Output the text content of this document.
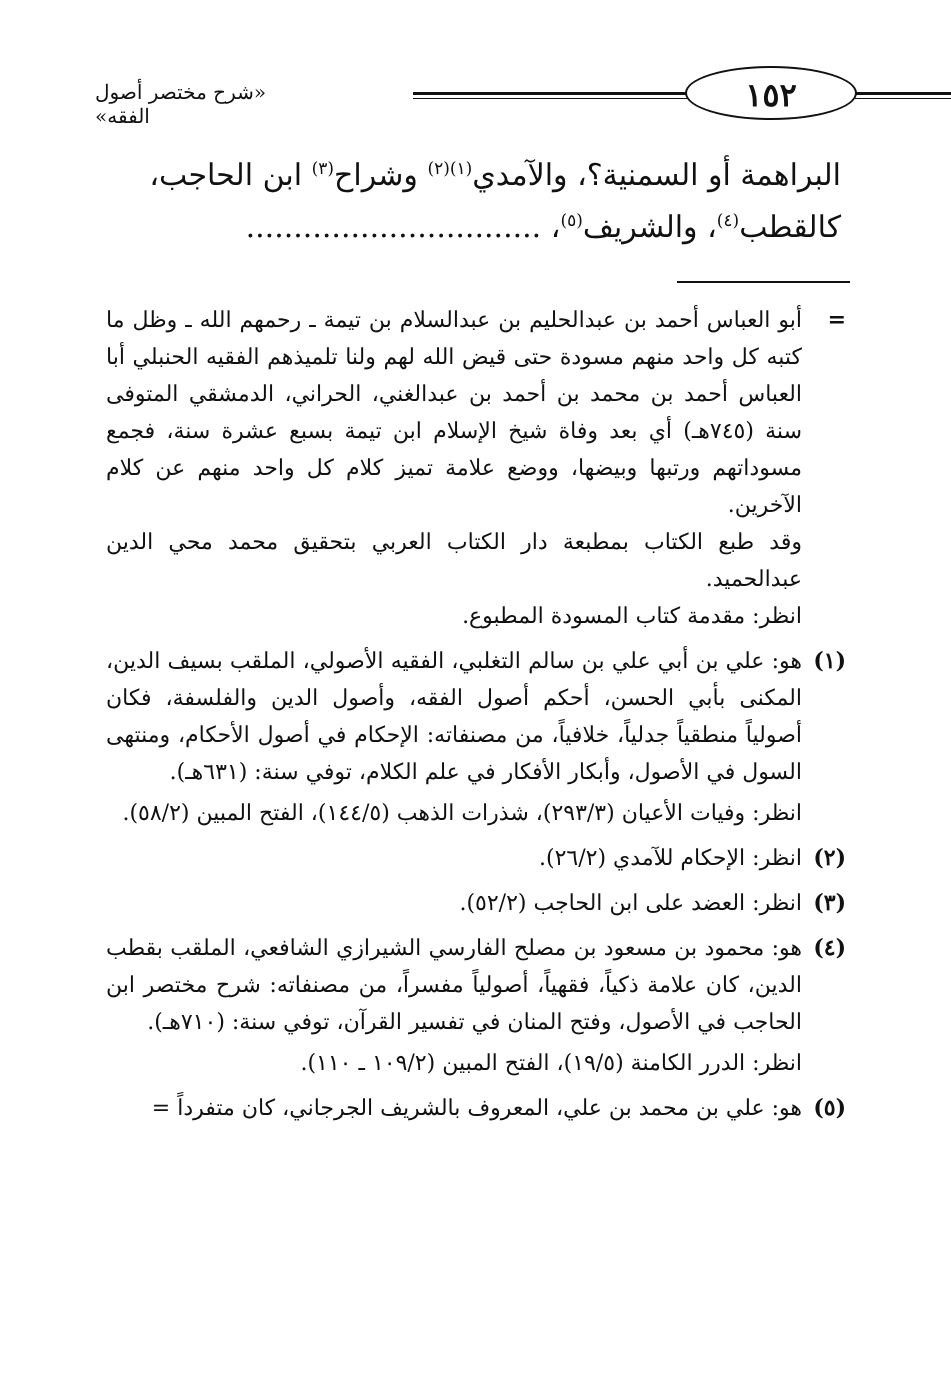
«شرح مختصر أصول الفقه»
١٥٢

البراهمة أو السمنية؟، والآمدي$^{(١)(٢)}$ وشراح$^{(٣)}$ ابن الحاجب،

كالقطب$^{(٤)}$، والشريف$^{(٥)}$، ...............................

=

أبو العباس أحمد بن عبدالحليم بن عبدالسلام بن تيمة ـ رحمهم الله ـ وظل ما كتبه كل واحد منهم مسودة حتى قيض الله لهم ولنا تلميذهم الفقيه الحنبلي أبا العباس أحمد بن محمد بن أحمد بن عبدالغني، الحراني، الدمشقي المتوفى سنة (٧٤٥هـ) أي بعد وفاة شيخ الإسلام ابن تيمة بسبع عشرة سنة، فجمع مسوداتهم ورتبها وبيضها، ووضع علامة تميز كلام كل واحد منهم عن كلام الآخرين.

وقد طبع الكتاب بمطبعة دار الكتاب العربي بتحقيق محمد محي الدين عبدالحميد.

انظر: مقدمة كتاب المسودة المطبوع.

(١)

هو: علي بن أبي علي بن سالم التغلبي، الفقيه الأصولي، الملقب بسيف الدين، المكنى بأبي الحسن، أحكم أصول الفقه، وأصول الدين والفلسفة، فكان أصولياً منطقياً جدلياً، خلافياً، من مصنفاته: الإحكام في أصول الأحكام، ومنتهى السول في الأصول، وأبكار الأفكار في علم الكلام، توفي سنة: (٦٣١هـ).

انظر: وفيات الأعيان (٢٩٣/٣)، شذرات الذهب (١٤٤/٥)، الفتح المبين (٥٨/٢).

(٢)

انظر: الإحكام للآمدي (٢٦/٢).

(٣)

انظر: العضد على ابن الحاجب (٥٢/٢).

(٤)

هو: محمود بن مسعود بن مصلح الفارسي الشيرازي الشافعي، الملقب بقطب الدين، كان علامة ذكياً، فقهياً، أصولياً مفسراً، من مصنفاته: شرح مختصر ابن الحاجب في الأصول، وفتح المنان في تفسير القرآن، توفي سنة: (٧١٠هـ).

انظر: الدرر الكامنة (١٩/٥)، الفتح المبين (١٠٩/٢ ـ ١١٠).

(٥)

هو: علي بن محمد بن علي، المعروف بالشريف الجرجاني، كان متفرداً =
